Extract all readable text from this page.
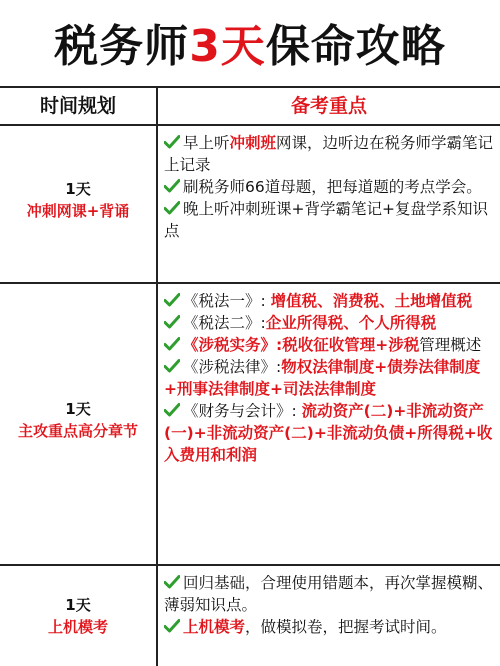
税务师3天保命攻略
时间规划	备考重点
1天
冲刺网课+背诵
早上听冲刺班网课，边听边在税务师学霸笔记上记录
刷税务师66道母题，把每道题的考点学会。
晚上听冲刺班课+背学霸笔记+复盘学系知识点
1天
主攻重点高分章节
《税法一》: 增值税、消费税、土地增值税
《税法二》:企业所得税、个人所得税
《涉税实务》:税收征收管理+涉税管理概述
《涉税法律》:物权法律制度+债券法律制度+刑事法律制度+司法法律制度
《财务与会计》: 流动资产(二)+非流动资产(一)+非流动资产(二)+非流动负债+所得税+收入费用和利润
1天
上机模考
回归基础，合理使用错题本，再次掌握模糊、薄弱知识点。
上机模考，做模拟卷，把握考试时间。
